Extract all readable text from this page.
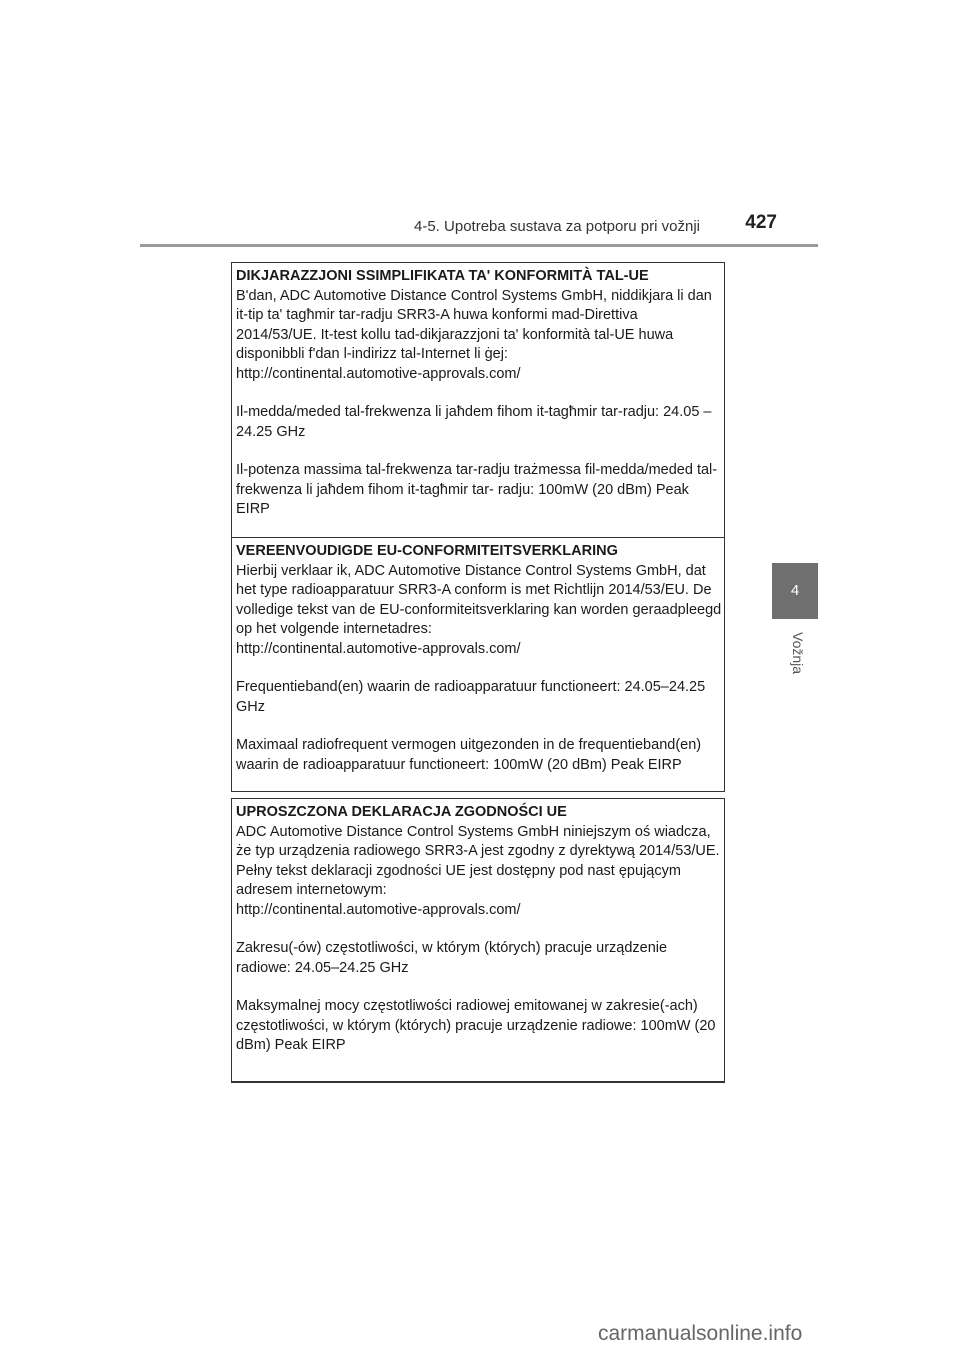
4-5. Upotreba sustava za potporu pri vožnji	427
4
Vožnja

DIKJARAZZJONI SSIMPLIFIKATA TA' KONFORMITÀ TAL-UE

B'dan, ADC Automotive Distance Control Systems GmbH, niddikjara li dan it-tip ta' tagħmir tar-radju SRR3-A huwa konformi mad-Direttiva 2014/53/UE. It-test kollu tad-dikjarazzjoni ta' konformità tal-UE huwa disponibbli f'dan l-indirizz tal-Internet li ġej:

http://continental.automotive-approvals.com/

Il-medda/meded tal-frekwenza li jaħdem fihom it-tagħmir tar-radju: 24.05 –24.25 GHz

Il-potenza massima tal-frekwenza tar-radju trażmessa fil-medda/meded tal-frekwenza li jaħdem fihom it-tagħmir tar- radju: 100mW (20 dBm) Peak EIRP

VEREENVOUDIGDE EU-CONFORMITEITSVERKLARING

Hierbij verklaar ik, ADC Automotive Distance Control Systems GmbH, dat het type radioapparatuur SRR3-A conform is met Richtlijn 2014/53/EU. De volledige tekst van de EU-conformiteitsverklaring kan worden geraadpleegd op het volgende internetadres:

http://continental.automotive-approvals.com/

Frequentieband(en) waarin de radioapparatuur functioneert: 24.05–24.25 GHz

Maximaal radiofrequent vermogen uitgezonden in de frequentieband(en) waarin de radioapparatuur functioneert: 100mW (20 dBm) Peak EIRP

UPROSZCZONA DEKLARACJA ZGODNOŚCI UE

ADC Automotive Distance Control Systems GmbH niniejszym oś wiadcza, że typ urządzenia radiowego SRR3-A jest zgodny z dyrektywą 2014/53/UE. Pełny tekst deklaracji zgodności UE jest dostępny pod nast ępującym adresem internetowym:

http://continental.automotive-approvals.com/

Zakresu(-ów) częstotliwości, w którym (których) pracuje urządzenie radiowe: 24.05–24.25 GHz

Maksymalnej mocy częstotliwości radiowej emitowanej w zakresie(-ach) częstotliwości, w którym (których) pracuje urządzenie radiowe: 100mW (20 dBm) Peak EIRP

carmanualsonline.info
